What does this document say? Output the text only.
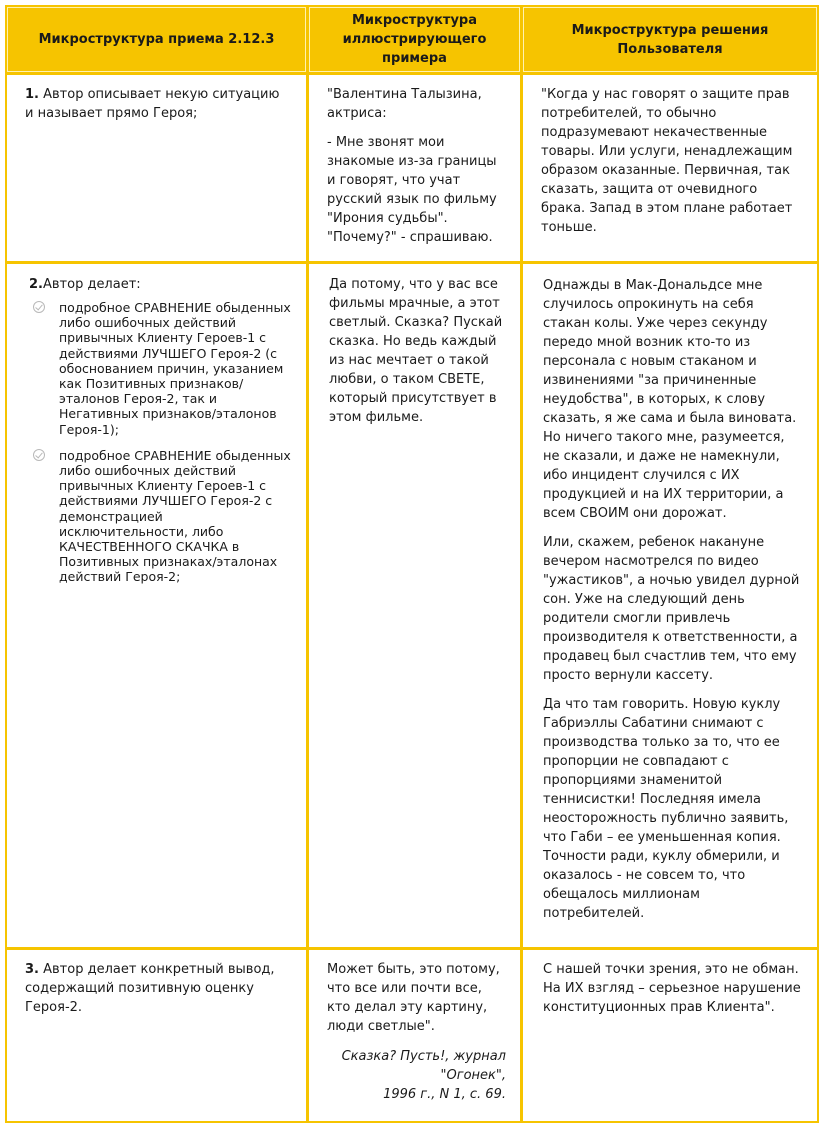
Микроструктура приема 2.12.3
Микроструктура
иллюстрирующего
примера
Микроструктура решения
Пользователя

1. Автор описывает некую ситуацию и называет прямо Героя;

"Валентина Талызина, актриса:

- Мне звонят мои знакомые из-за границы и говорят, что учат русский язык по фильму "Ирония судьбы". "Почему?" - спрашиваю.

"Когда у нас говорят о защите прав потребителей, то обычно подразумевают некачественные товары. Или услуги, ненадлежащим образом оказанные. Первичная, так сказать, защита от очевидного брака. Запад в этом плане работает тоньше.

2.Автор делает:

подробное СРАВНЕНИЕ обыденных либо ошибочных действий привычных Клиенту Героев-1 с действиями ЛУЧШЕГО Героя-2 (с обоснованием причин, указанием как Позитивных признаков/эталонов Героя-2, так и Негативных признаков/эталонов Героя-1);
подробное СРАВНЕНИЕ обыденных либо ошибочных действий привычных Клиенту Героев-1 с действиями ЛУЧШЕГО Героя-2 с демонстрацией исключительности, либо КАЧЕСТВЕННОГО СКАЧКА в Позитивных признаках/эталонах действий Героя-2;

Да потому, что у вас все фильмы мрачные, а этот светлый. Сказка? Пускай сказка. Но ведь каждый из нас мечтает о такой любви, о таком СВЕТЕ, который присутствует в этом фильме.

Однажды в Мак-Дональдсе мне случилось опрокинуть на себя стакан колы. Уже через секунду передо мной возник кто-то из персонала с новым стаканом и извинениями "за причиненные неудобства", в которых, к слову сказать, я же сама и была виновата. Но ничего такого мне, разумеется, не сказали, и даже не намекнули, ибо инцидент случился с ИХ продукцией и на ИХ территории, а всем СВОИМ они дорожат.

Или, скажем, ребенок накануне вечером насмотрелся по видео "ужастиков", а ночью увидел дурной сон. Уже на следующий день родители смогли привлечь производителя к ответственности, а продавец был счастлив тем, что ему просто вернули кассету.

Да что там говорить. Новую куклу Габриэллы Сабатини снимают с производства только за то, что ее пропорции не совпадают с пропорциями знаменитой теннисистки! Последняя имела неосторожность публично заявить, что Габи – ее уменьшенная копия. Точности ради, куклу обмерили, и оказалось - не совсем то, что обещалось миллионам потребителей.

3. Автор делает конкретный вывод, содержащий позитивную оценку Героя-2.

Может быть, это потому, что все или почти все, кто делал эту картину, люди светлые".

Сказка? Пусть!, журнал
"Огонек",
1996 г., N 1, с. 69.

С нашей точки зрения, это не обман. На ИХ взгляд – серьезное нарушение конституционных прав Клиента".
